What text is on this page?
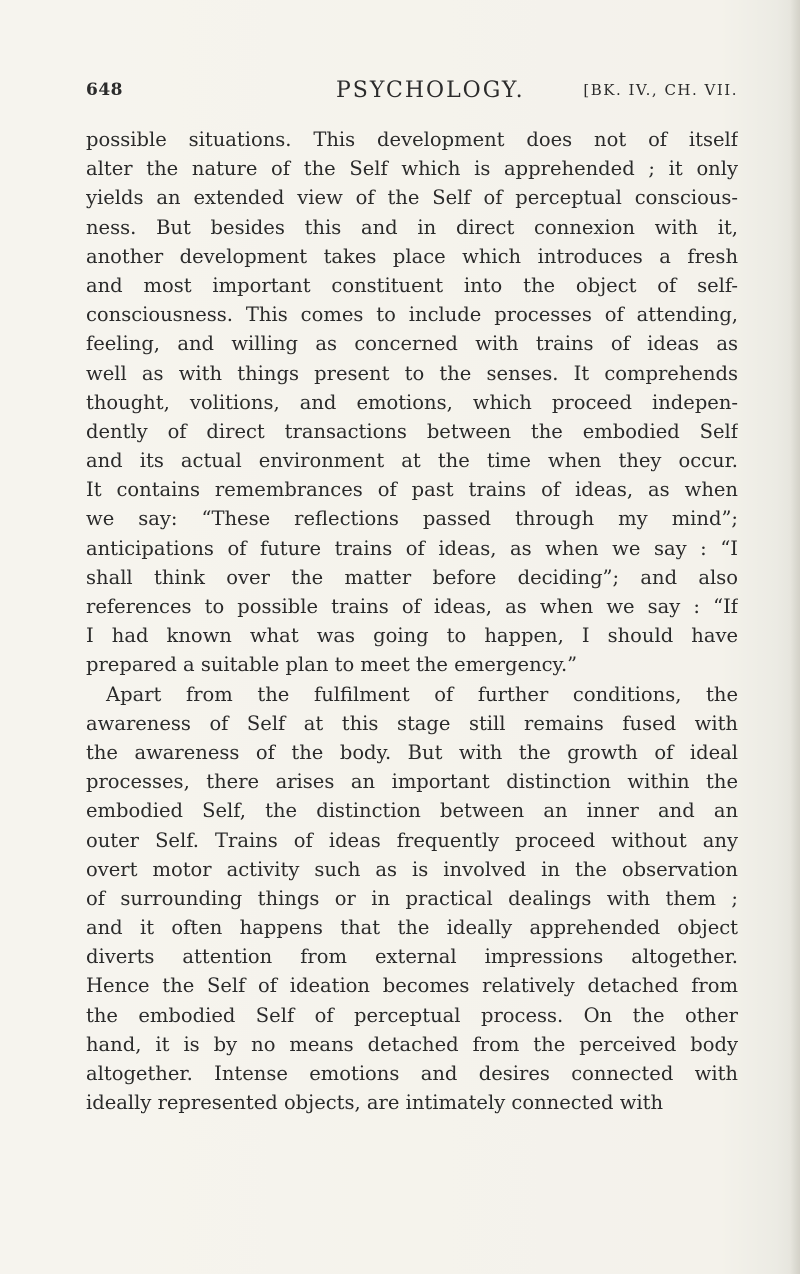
648	PSYCHOLOGY.	[BK. IV., CH. VII.
possible situations. This development does not of itself
alter the nature of the Self which is apprehended ; it only
yields an extended view of the Self of perceptual conscious-
ness. But besides this and in direct connexion with it,
another development takes place which introduces a fresh
and most important constituent into the object of self-
consciousness. This comes to include processes of attending,
feeling, and willing as concerned with trains of ideas as
well as with things present to the senses. It comprehends
thought, volitions, and emotions, which proceed indepen-
dently of direct transactions between the embodied Self
and its actual environment at the time when they occur.
It contains remembrances of past trains of ideas, as when
we say: “These reflections passed through my mind”;
anticipations of future trains of ideas, as when we say : “I
shall think over the matter before deciding”; and also
references to possible trains of ideas, as when we say : “If
I had known what was going to happen, I should have
prepared a suitable plan to meet the emergency.”
Apart from the fulfilment of further conditions, the
awareness of Self at this stage still remains fused with
the awareness of the body. But with the growth of ideal
processes, there arises an important distinction within the
embodied Self, the distinction between an inner and an
outer Self. Trains of ideas frequently proceed without any
overt motor activity such as is involved in the observation
of surrounding things or in practical dealings with them ;
and it often happens that the ideally apprehended object
diverts attention from external impressions altogether.
Hence the Self of ideation becomes relatively detached from
the embodied Self of perceptual process. On the other
hand, it is by no means detached from the perceived body
altogether. Intense emotions and desires connected with
ideally represented objects, are intimately connected with
